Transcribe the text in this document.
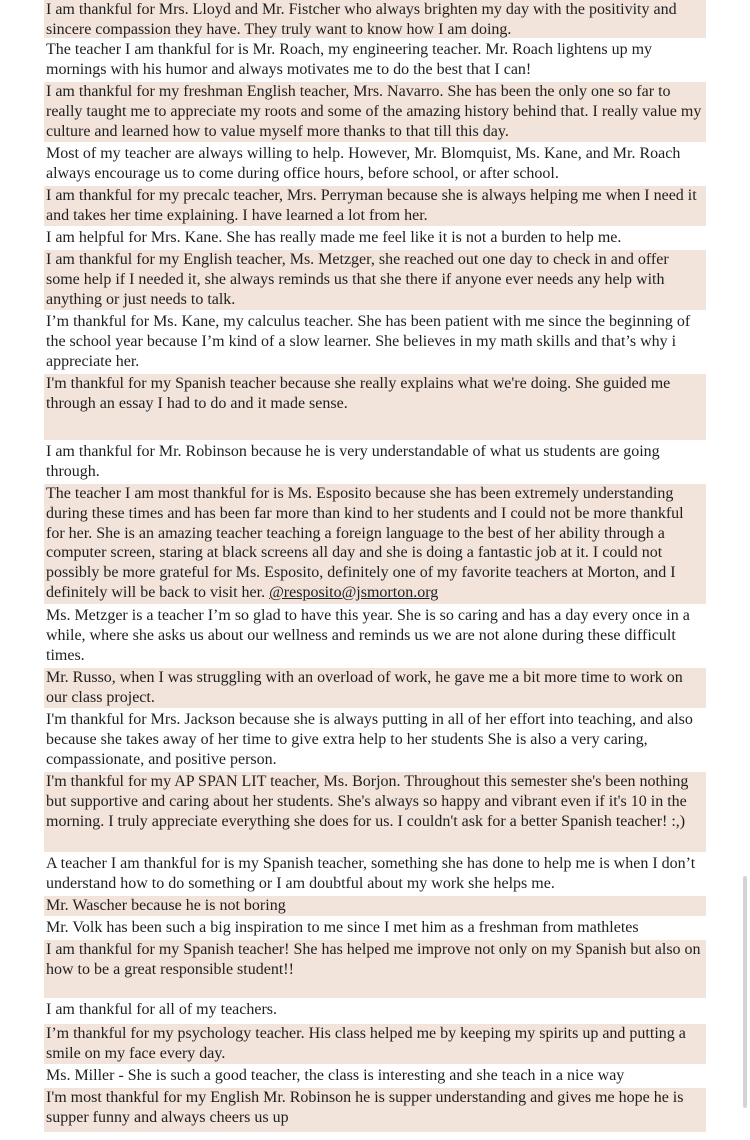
I am thankful for Mrs. Lloyd and Mr. Fistcher who always brighten my day with the positivity and sincere compassion they have. They truly want to know how I am doing.
The teacher I am thankful for is Mr. Roach, my engineering teacher. Mr. Roach lightens up my mornings with his humor and always motivates me to do the best that I can!
I am thankful for my freshman English teacher, Mrs. Navarro. She has been the only one so far to really taught me to appreciate my roots and some of the amazing history behind that. I really value my culture and learned how to value myself more thanks to that till this day.
Most of my teacher are always willing to help. However, Mr. Blomquist, Ms. Kane, and Mr. Roach always encourage us to come during office hours, before school, or after school.
I am thankful for my precalc teacher, Mrs. Perryman because she is always helping me when I need it and takes her time explaining. I have learned a lot from her.
I am helpful for Mrs. Kane. She has really made me feel like it is not a burden to help me.
I am thankful for my English teacher, Ms. Metzger, she reached out one day to check in and offer some help if I needed it, she always reminds us that she there if anyone ever needs any help with anything or just needs to talk.
I’m thankful for Ms. Kane, my calculus teacher. She has been patient with me since the beginning of the school year because I’m kind of a slow learner. She believes in my math skills and that’s why i appreciate her.
I'm thankful for my Spanish teacher because she really explains what we're doing. She guided me through an essay I had to do and it made sense.
I am thankful for Mr. Robinson because he is very understandable of what us students are going through.
The teacher I am most thankful for is Ms. Esposito because she has been extremely understanding during these times and has been far more than kind to her students and I could not be more thankful for her. She is an amazing teacher teaching a foreign language to the best of her ability through a computer screen, staring at black screens all day and she is doing a fantastic job at it. I could not possibly be more grateful for Ms. Esposito, definitely one of my favorite teachers at Morton, and I definitely will be back to visit her. @resposito@jsmorton.org
Ms. Metzger is a teacher I’m so glad to have this year. She is so caring and has a day every once in a while, where she asks us about our wellness and reminds us we are not alone during these difficult times.
Mr. Russo, when I was struggling with an overload of work, he gave me a bit more time to work on our class project.
I'm thankful for Mrs. Jackson because she is always putting in all of her effort into teaching, and also because she takes away of her time to give extra help to her students She is also a very caring, compassionate, and positive person.
I'm thankful for my AP SPAN LIT teacher, Ms. Borjon. Throughout this semester she's been nothing but supportive and caring about her students. She's always so happy and vibrant even if it's 10 in the morning. I truly appreciate everything she does for us. I couldn't ask for a better Spanish teacher! :,)
A teacher I am thankful for is my Spanish teacher, something she has done to help me is when I don’t understand how to do something or I am doubtful about my work she helps me.
Mr. Wascher because he is not boring
Mr. Volk has been such a big inspiration to me since I met him as a freshman from mathletes
I am thankful for my Spanish teacher! She has helped me improve not only on my Spanish but also on how to be a great responsible student!!
I am thankful for all of my teachers.
I’m thankful for my psychology teacher. His class helped me by keeping my spirits up and putting a smile on my face every day.
Ms. Miller - She is such a good teacher, the class is interesting and she teach in a nice way
I'm most thankful for my English Mr. Robinson he is supper understanding and gives me hope he is supper funny and always cheers us up
